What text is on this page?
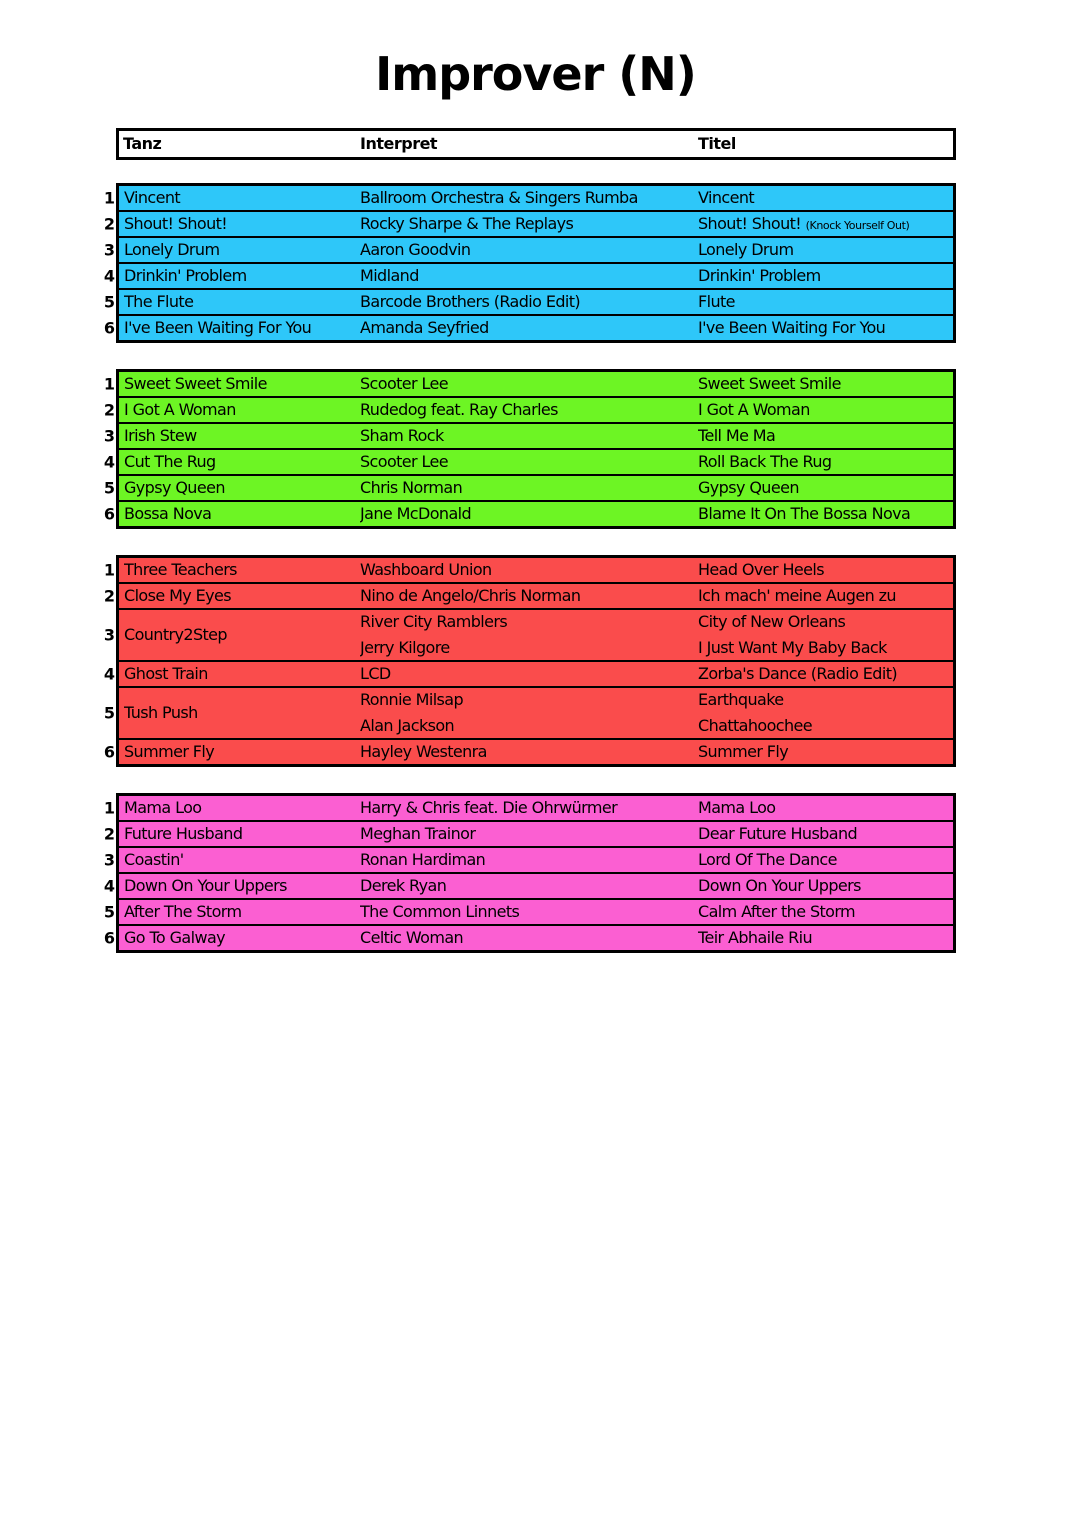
Improver (N)
Tanz	Interpret	Titel
1 Vincent	Ballroom Orchestra & Singers Rumba	Vincent
2 Shout! Shout!	Rocky Sharpe & The Replays	Shout! Shout! (Knock Yourself Out)
3 Lonely Drum	Aaron Goodvin	Lonely Drum
4 Drinkin' Problem	Midland	Drinkin' Problem
5 The Flute	Barcode Brothers (Radio Edit)	Flute
6 I've Been Waiting For You	Amanda Seyfried	I've Been Waiting For You
1 Sweet Sweet Smile	Scooter Lee	Sweet Sweet Smile
2 I Got A Woman	Rudedog feat. Ray Charles	I Got A Woman
3 Irish Stew	Sham Rock	Tell Me Ma
4 Cut The Rug	Scooter Lee	Roll Back The Rug
5 Gypsy Queen	Chris Norman	Gypsy Queen
6 Bossa Nova	Jane McDonald	Blame It On The Bossa Nova
1 Three Teachers	Washboard Union	Head Over Heels
2 Close My Eyes	Nino de Angelo/Chris Norman	Ich mach' meine Augen zu
3 Country2Step
River City Ramblers	City of New Orleans
Jerry Kilgore	I Just Want My Baby Back
4 Ghost Train	LCD	Zorba's Dance (Radio Edit)
5 Tush Push
Ronnie Milsap	Earthquake
Alan Jackson	Chattahoochee
6 Summer Fly	Hayley Westenra	Summer Fly
1 Mama Loo	Harry & Chris feat. Die Ohrwürmer	Mama Loo
2 Future Husband	Meghan Trainor	Dear Future Husband
3 Coastin'	Ronan Hardiman	Lord Of The Dance
4 Down On Your Uppers	Derek Ryan	Down On Your Uppers
5 After The Storm	The Common Linnets	Calm After the Storm
6 Go To Galway	Celtic Woman	Teir Abhaile Riu
